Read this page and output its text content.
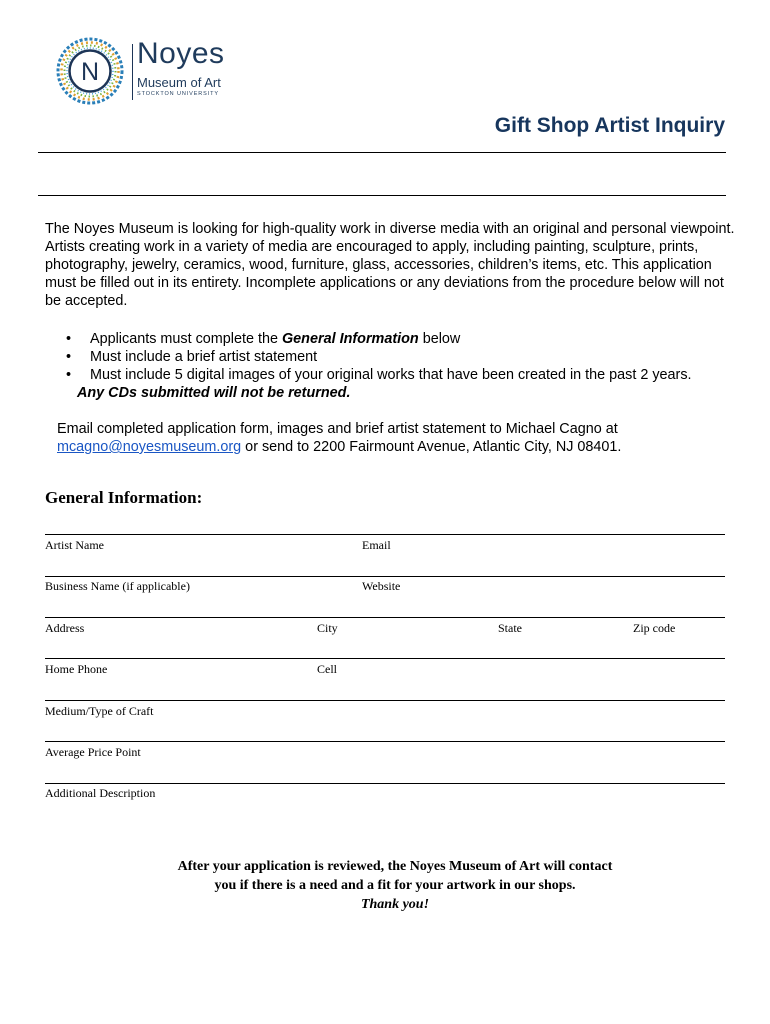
N
Noyes
Museum of Art
STOCKTON UNIVERSITY
Gift Shop Artist Inquiry
The Noyes Museum is looking for high-quality work in diverse media with an original and personal viewpoint. Artists creating work in a variety of media are encouraged to apply, including painting, sculpture, prints, photography, jewelry, ceramics, wood, furniture, glass, accessories, children’s items, etc. This application must be filled out in its entirety. Incomplete applications or any deviations from the procedure below will not be accepted.
• Applicants must complete the General Information below
• Must include a brief artist statement
• Must include 5 digital images of your original works that have been created in the past 2 years.
Any CDs submitted will not be returned.
Email completed application form, images and brief artist statement to Michael Cagno at
mcagno@noyesmuseum.org or send to 2200 Fairmount Avenue, Atlantic City, NJ 08401.
General Information:
Artist Name	Email
Business Name (if applicable)	Website
Address	City	State	Zip code
Home Phone	Cell
Medium/Type of Craft
Average Price Point
Additional Description
After your application is reviewed, the Noyes Museum of Art will contact
you if there is a need and a fit for your artwork in our shops.
Thank you!
